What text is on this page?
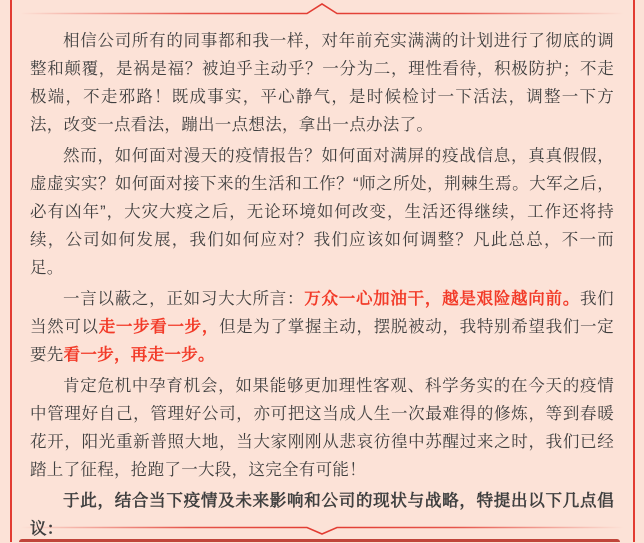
相信公司所有的同事都和我一样，对年前充实满满的计划进行了彻底的调整和颠覆，是祸是福？被迫乎主动乎？一分为二，理性看待，积极防护；不走极端，不走邪路！既成事实，平心静气，是时候检讨一下活法，调整一下方法，改变一点看法，蹦出一点想法，拿出一点办法了。

然而，如何面对漫天的疫情报告？如何面对满屏的疫战信息，真真假假，虚虚实实？如何面对接下来的生活和工作？“师之所处，荆棘生焉。大军之后，必有凶年”，大灾大疫之后，无论环境如何改变，生活还得继续，工作还将持续，公司如何发展，我们如何应对？我们应该如何调整？凡此总总，不一而足。

一言以蔽之，正如习大大所言：万众一心加油干，越是艰险越向前。我们当然可以走一步看一步，但是为了掌握主动，摆脱被动，我特别希望我们一定要先看一步，再走一步。

肯定危机中孕育机会，如果能够更加理性客观、科学务实的在今天的疫情中管理好自己，管理好公司，亦可把这当成人生一次最难得的修炼，等到春暖花开，阳光重新普照大地，当大家刚刚从悲哀彷徨中苏醒过来之时，我们已经踏上了征程，抢跑了一大段，这完全有可能！

于此，结合当下疫情及未来影响和公司的现状与战略，特提出以下几点倡议：
